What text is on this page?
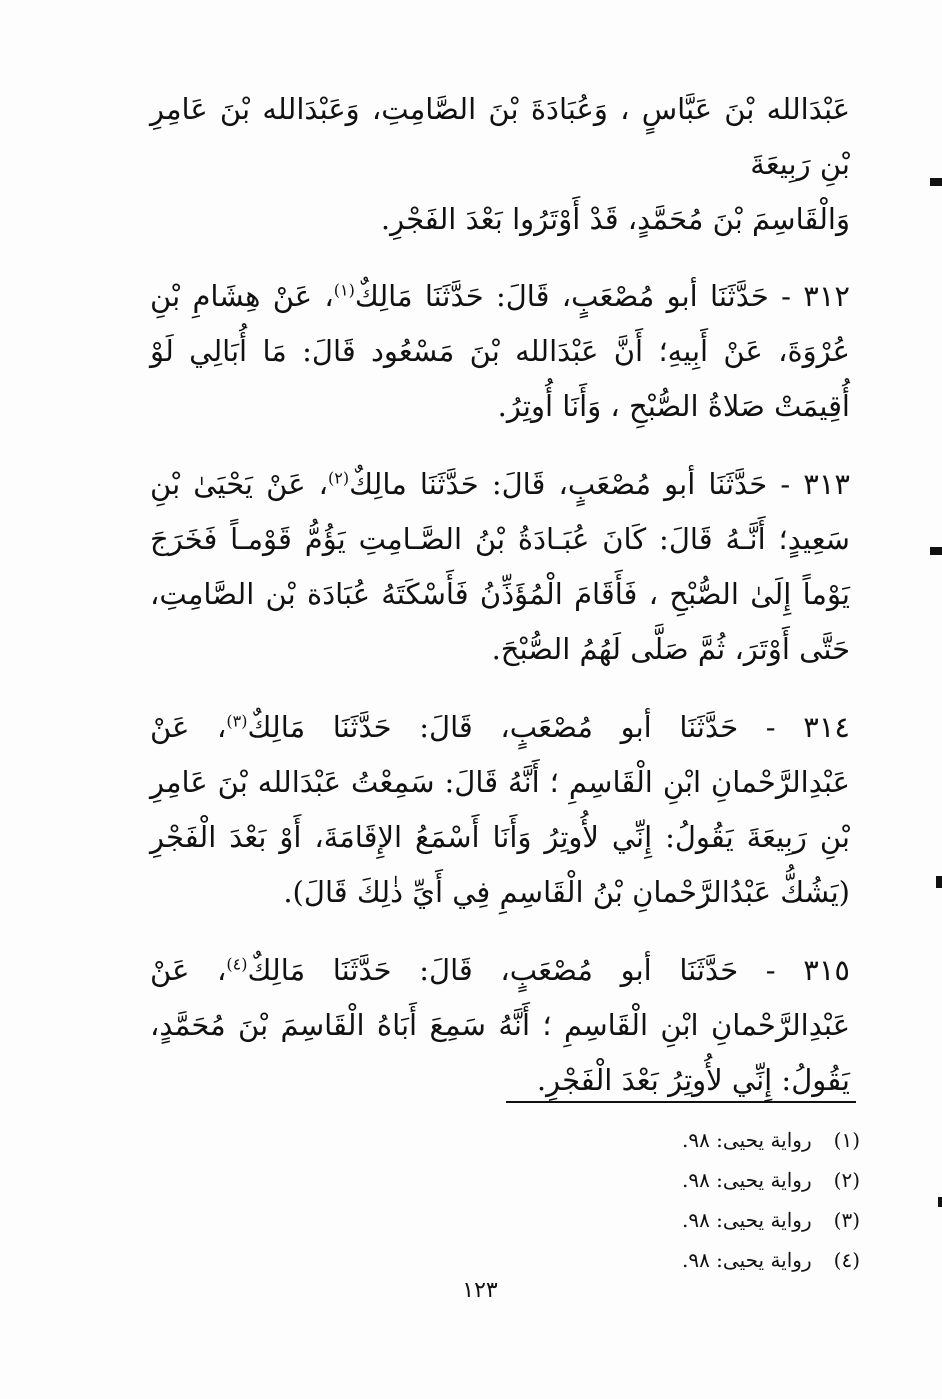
عَبْدَالله بْنَ عَبَّاسٍ ، وَعُبَادَةَ بْنَ الصَّامِتِ، وَعَبْدَالله بْنَ عَامِرِ بْنِ رَبِيعَةَ

وَالْقَاسِمَ بْنَ مُحَمَّدٍ، قَدْ أَوْتَرُوا بَعْدَ الفَجْرِ.

٣١٢ - حَدَّثَنَا أبو مُصْعَبٍ، قَالَ: حَدَّثَنَا مَالِكٌ$^{(١)}$، عَنْ هِشَامِ بْنِ عُرْوَةَ، عَنْ أَبِيهِ؛ أَنَّ عَبْدَالله بْنَ مَسْعُود قَالَ: مَا أُبَالِي لَوْ أُقِيمَتْ صَلاةُ الصُّبْحِ ، وَأَنَا أُوتِرُ.

٣١٣ - حَدَّثَنَا أبو مُصْعَبٍ، قَالَ: حَدَّثَنَا مالِكٌ$^{(٢)}$، عَنْ يَحْيَىٰ بْنِ سَعِيدٍ؛ أَنَّـهُ قَالَ: كَانَ عُبَـادَةُ بْنُ الصَّـامِتِ يَؤُمُّ قَوْمـاً فَخَرَجَ يَوْماً إِلَىٰ الصُّبْحِ ، فَأَقَامَ الْمُؤَذِّنُ فَأَسْكَتَهُ عُبَادَة بْن الصَّامِتِ، حَتَّى أَوْتَرَ، ثُمَّ صَلَّى لَهُمُ الصُّبْحَ.

٣١٤ - حَدَّثَنَا أبو مُصْعَبٍ، قَالَ: حَدَّثَنَا مَالِكٌ$^{(٣)}$، عَنْ عَبْدِالرَّحْمانِ ابْنِ الْقَاسِمِ ؛ أَنَّهُ قَالَ: سَمِعْتُ عَبْدَالله بْنَ عَامِرِ بْنِ رَبِيعَةَ يَقُولُ: إِنِّي لأُوتِرُ وَأَنَا أَسْمَعُ الإِقَامَةَ، أَوْ بَعْدَ الْفَجْرِ (يَشُكُّ عَبْدُالرَّحْمانِ بْنُ الْقَاسِمِ فِي أَيِّ ذٰلِكَ قَالَ).

٣١٥ - حَدَّثَنَا أبو مُصْعَبٍ، قَالَ: حَدَّثَنَا مَالِكٌ$^{(٤)}$، عَنْ عَبْدِالرَّحْمانِ ابْنِ الْقَاسِمِ ؛ أَنَّهُ سَمِعَ أَبَاهُ الْقَاسِمَ بْنَ مُحَمَّدٍ، يَقُولُ: إِنِّي لأُوتِرُ بَعْدَ الْفَجْرِ.

(١)
رواية يحيى: ٩٨.
(٢)
رواية يحيى: ٩٨.
(٣)
رواية يحيى: ٩٨.
(٤)
رواية يحيى: ٩٨.
١٢٣
